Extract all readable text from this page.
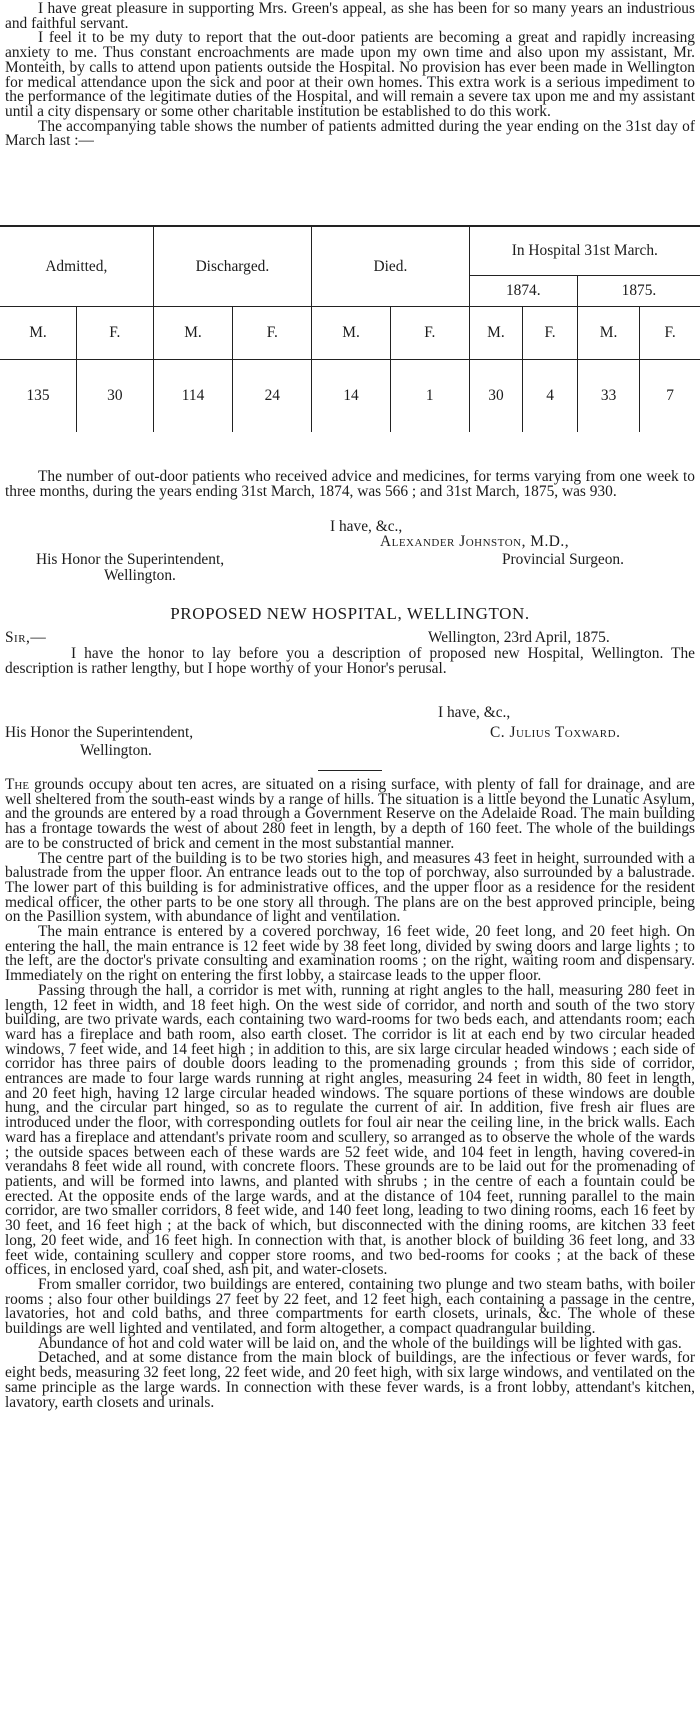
I have great pleasure in supporting Mrs. Green's appeal, as she has been for so many years an industrious and faithful servant.

I feel it to be my duty to report that the out-door patients are becoming a great and rapidly increasing anxiety to me. Thus constant encroachments are made upon my own time and also upon my assistant, Mr. Monteith, by calls to attend upon patients outside the Hospital. No provision has ever been made in Wellington for medical attendance upon the sick and poor at their own homes. This extra work is a serious impediment to the performance of the legitimate duties of the Hospital, and will remain a severe tax upon me and my assistant until a city dispensary or some other charitable institution be established to do this work.

The accompanying table shows the number of patients admitted during the year ending on the 31st day of March last :—

Admitted,		Discharged.		Died.		In Hospital 31st March.			
						1874.		1875.	
M.	F.	M.	F.	M.	F.	M.	F.	M.	F.
135	30	114	24	14	1	30	4	33	7

The number of out-door patients who received advice and medicines, for terms varying from one week to three months, during the years ending 31st March, 1874, was 566 ; and 31st March, 1875, was 930.

I have, &c.,
Alexander Johnston, M.D.,
Provincial Surgeon.
His Honor the Superintendent,
Wellington.
PROPOSED NEW HOSPITAL, WELLINGTON.
Sir,—	Wellington, 23rd April, 1875.

I have the honor to lay before you a description of proposed new Hospital, Wellington. The description is rather lengthy, but I hope worthy of your Honor's perusal.

I have, &c.,
His Honor the Superintendent,	C. Julius Toxward.
Wellington.

The grounds occupy about ten acres, are situated on a rising surface, with plenty of fall for drainage, and are well sheltered from the south-east winds by a range of hills. The situation is a little beyond the Lunatic Asylum, and the grounds are entered by a road through a Government Reserve on the Adelaide Road. The main building has a frontage towards the west of about 280 feet in length, by a depth of 160 feet. The whole of the buildings are to be constructed of brick and cement in the most substantial manner.

The centre part of the building is to be two stories high, and measures 43 feet in height, surrounded with a balustrade from the upper floor. An entrance leads out to the top of porchway, also surrounded by a balustrade. The lower part of this building is for administrative offices, and the upper floor as a residence for the resident medical officer, the other parts to be one story all through. The plans are on the best approved principle, being on the Pasillion system, with abundance of light and ventilation.

The main entrance is entered by a covered porchway, 16 feet wide, 20 feet long, and 20 feet high. On entering the hall, the main entrance is 12 feet wide by 38 feet long, divided by swing doors and large lights ; to the left, are the doctor's private consulting and examination rooms ; on the right, waiting room and dispensary. Immediately on the right on entering the first lobby, a staircase leads to the upper floor.

Passing through the hall, a corridor is met with, running at right angles to the hall, measuring 280 feet in length, 12 feet in width, and 18 feet high. On the west side of corridor, and north and south of the two story building, are two private wards, each containing two ward-rooms for two beds each, and attendants room; each ward has a fireplace and bath room, also earth closet. The corridor is lit at each end by two circular headed windows, 7 feet wide, and 14 feet high ; in addition to this, are six large circular headed windows ; each side of corridor has three pairs of double doors leading to the promenading grounds ; from this side of corridor, entrances are made to four large wards running at right angles, measuring 24 feet in width, 80 feet in length, and 20 feet high, having 12 large circular headed windows. The square portions of these windows are double hung, and the circular part hinged, so as to regulate the current of air. In addition, five fresh air flues are introduced under the floor, with corresponding outlets for foul air near the ceiling line, in the brick walls. Each ward has a fireplace and attendant's private room and scullery, so arranged as to observe the whole of the wards ; the outside spaces between each of these wards are 52 feet wide, and 104 feet in length, having covered-in verandahs 8 feet wide all round, with concrete floors. These grounds are to be laid out for the promenading of patients, and will be formed into lawns, and planted with shrubs ; in the centre of each a fountain could be erected. At the opposite ends of the large wards, and at the distance of 104 feet, running parallel to the main corridor, are two smaller corridors, 8 feet wide, and 140 feet long, leading to two dining rooms, each 16 feet by 30 feet, and 16 feet high ; at the back of which, but disconnected with the dining rooms, are kitchen 33 feet long, 20 feet wide, and 16 feet high. In connection with that, is another block of building 36 feet long, and 33 feet wide, containing scullery and copper store rooms, and two bed-rooms for cooks ; at the back of these offices, in enclosed yard, coal shed, ash pit, and water-closets.

From smaller corridor, two buildings are entered, containing two plunge and two steam baths, with boiler rooms ; also four other buildings 27 feet by 22 feet, and 12 feet high, each containing a passage in the centre, lavatories, hot and cold baths, and three compartments for earth closets, urinals, &c. The whole of these buildings are well lighted and ventilated, and form altogether, a compact quadrangular building.

Abundance of hot and cold water will be laid on, and the whole of the buildings will be lighted with gas.

Detached, and at some distance from the main block of buildings, are the infectious or fever wards, for eight beds, measuring 32 feet long, 22 feet wide, and 20 feet high, with six large windows, and ventilated on the same principle as the large wards. In connection with these fever wards, is a front lobby, attendant's kitchen, lavatory, earth closets and urinals.
